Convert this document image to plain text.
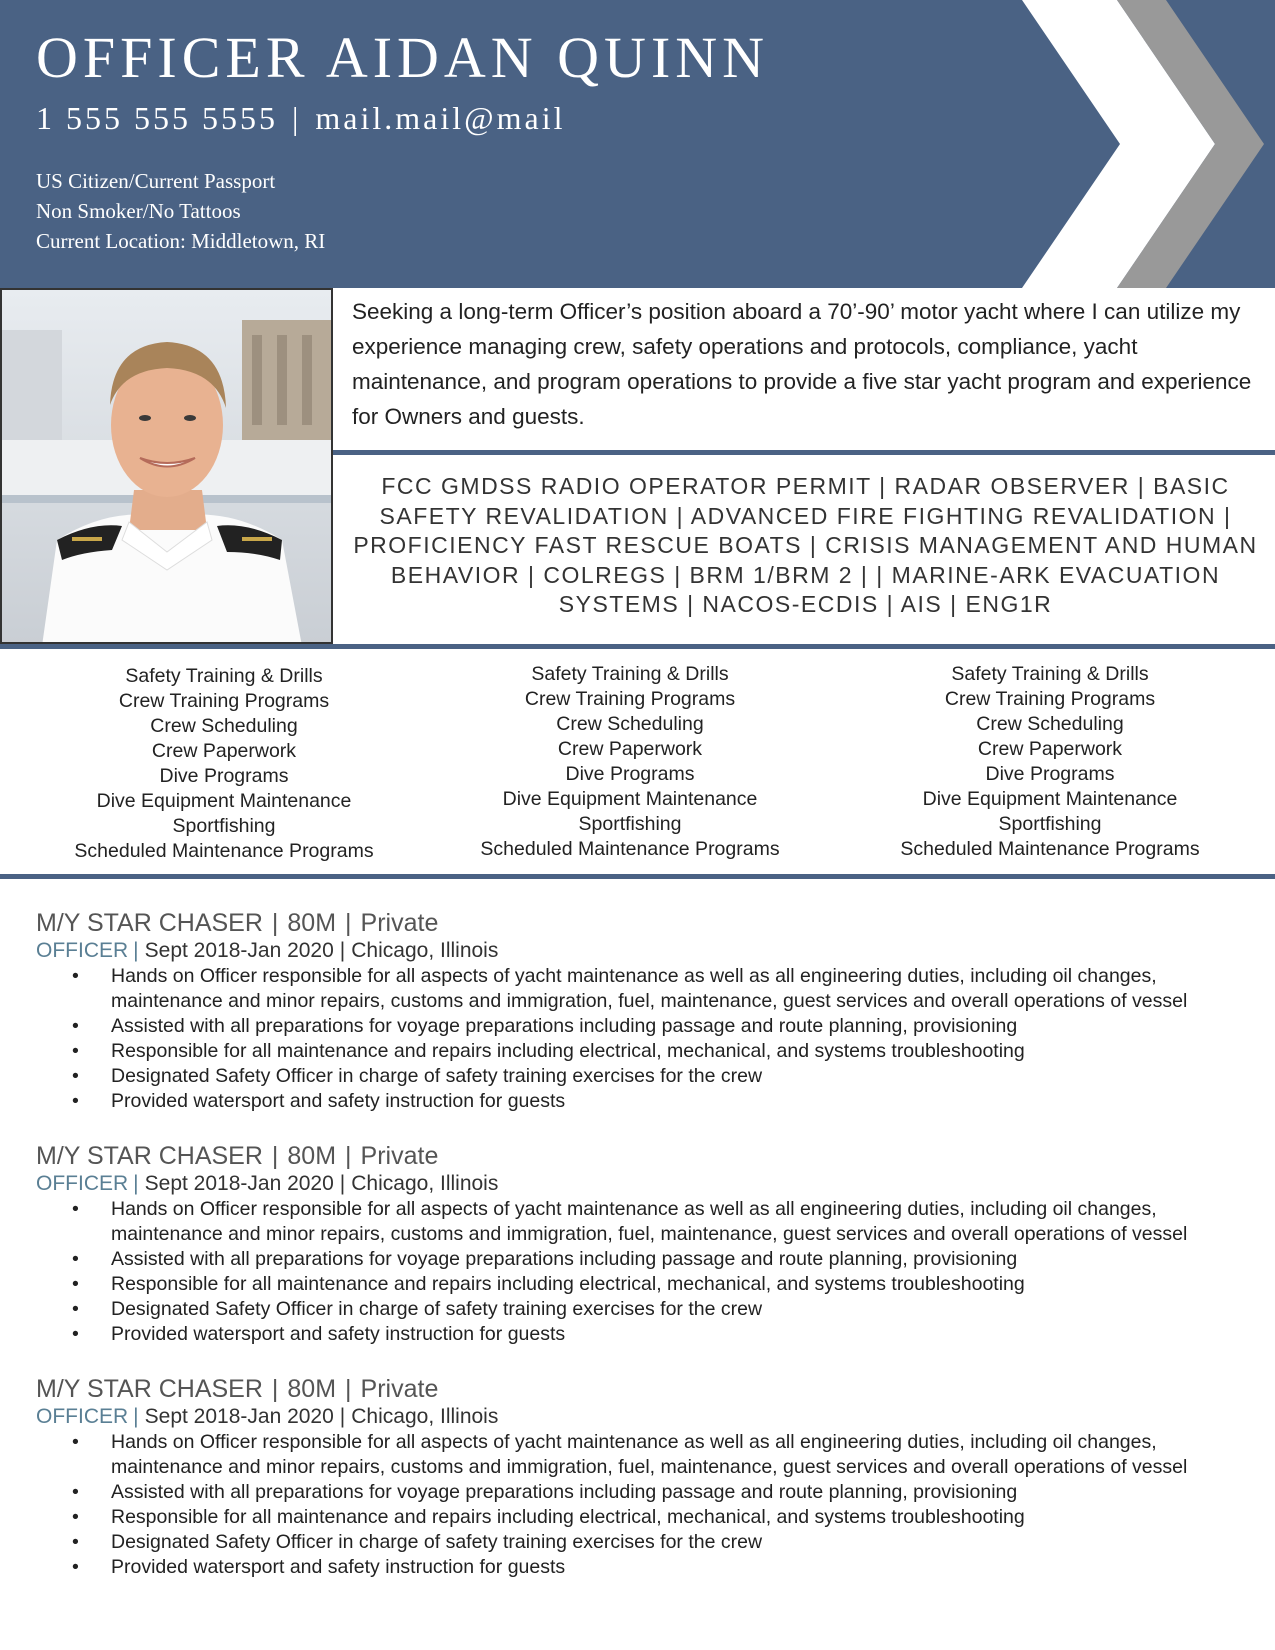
OFFICER AIDAN QUINN
1 555 555 5555 | mail.mail@mail
US Citizen/Current Passport
Non Smoker/No Tattoos
Current Location: Middletown, RI

Seeking a long-term Officer’s position aboard a 70’-90’ motor yacht where I can utilize my experience managing crew, safety operations and protocols, compliance, yacht maintenance, and program operations to provide a five star yacht program and experience for Owners and guests.

FCC GMDSS RADIO OPERATOR PERMIT | RADAR OBSERVER | BASIC
SAFETY REVALIDATION | ADVANCED FIRE FIGHTING REVALIDATION |
PROFICIENCY FAST RESCUE BOATS | CRISIS MANAGEMENT AND HUMAN
BEHAVIOR | COLREGS | BRM 1/BRM 2 | | MARINE-ARK EVACUATION
SYSTEMS | NACOS-ECDIS | AIS | ENG1R
Safety Training & Drills
Crew Training Programs
Crew Scheduling
Crew Paperwork
Dive Programs
Dive Equipment Maintenance
Sportfishing
Scheduled Maintenance Programs
Safety Training & Drills
Crew Training Programs
Crew Scheduling
Crew Paperwork
Dive Programs
Dive Equipment Maintenance
Sportfishing
Scheduled Maintenance Programs
Safety Training & Drills
Crew Training Programs
Crew Scheduling
Crew Paperwork
Dive Programs
Dive Equipment Maintenance
Sportfishing
Scheduled Maintenance Programs
M/Y STAR CHASER | 80M | Private
OFFICER | Sept 2018-Jan 2020 | Chicago, Illinois
• Hands on Officer responsible for all aspects of yacht maintenance as well as all engineering duties, including oil changes, maintenance and minor repairs, customs and immigration, fuel, maintenance, guest services and overall operations of vessel
• Assisted with all preparations for voyage preparations including passage and route planning, provisioning
• Responsible for all maintenance and repairs including electrical, mechanical, and systems troubleshooting
• Designated Safety Officer in charge of safety training exercises for the crew
• Provided watersport and safety instruction for guests
M/Y STAR CHASER | 80M | Private
OFFICER | Sept 2018-Jan 2020 | Chicago, Illinois
• Hands on Officer responsible for all aspects of yacht maintenance as well as all engineering duties, including oil changes, maintenance and minor repairs, customs and immigration, fuel, maintenance, guest services and overall operations of vessel
• Assisted with all preparations for voyage preparations including passage and route planning, provisioning
• Responsible for all maintenance and repairs including electrical, mechanical, and systems troubleshooting
• Designated Safety Officer in charge of safety training exercises for the crew
• Provided watersport and safety instruction for guests
M/Y STAR CHASER | 80M | Private
OFFICER | Sept 2018-Jan 2020 | Chicago, Illinois
• Hands on Officer responsible for all aspects of yacht maintenance as well as all engineering duties, including oil changes, maintenance and minor repairs, customs and immigration, fuel, maintenance, guest services and overall operations of vessel
• Assisted with all preparations for voyage preparations including passage and route planning, provisioning
• Responsible for all maintenance and repairs including electrical, mechanical, and systems troubleshooting
• Designated Safety Officer in charge of safety training exercises for the crew
• Provided watersport and safety instruction for guests
